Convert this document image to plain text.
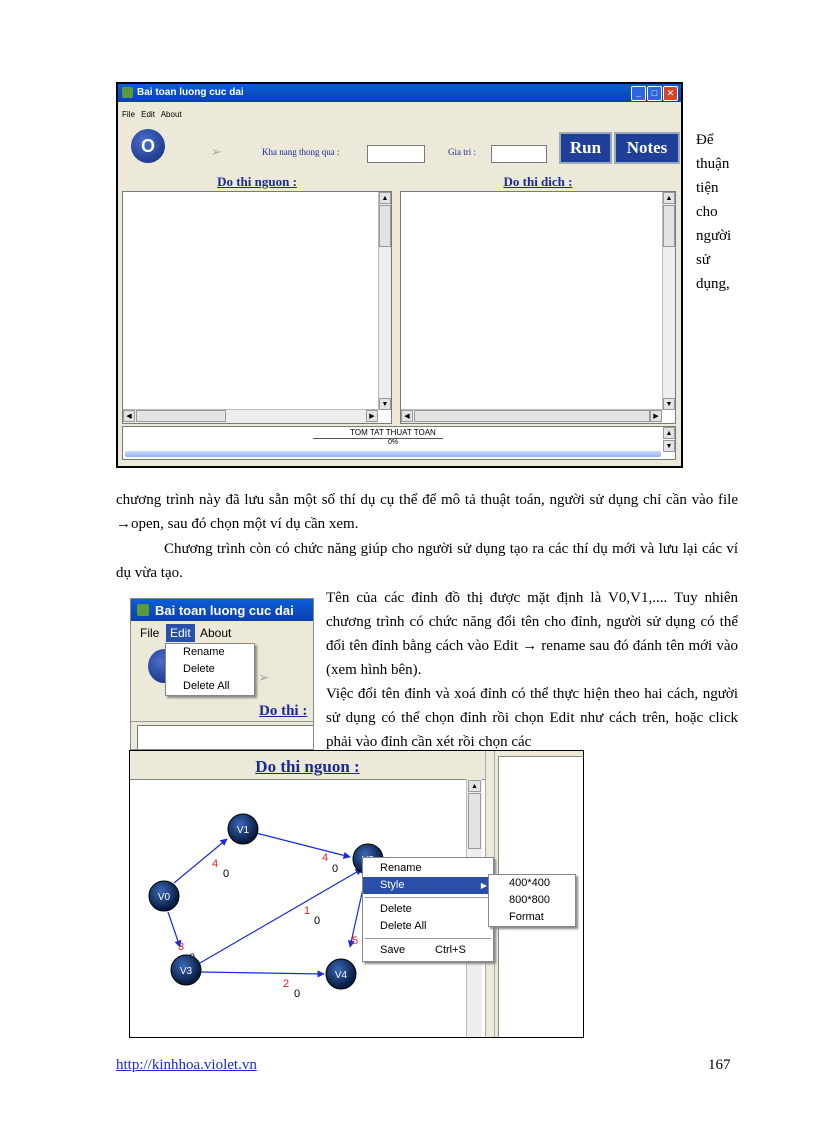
Bai toan luong cuc dai	_	□	✕
File Edit About
O	➢	Kha nang thong qua :	Gia tri :	Run	Notes
Do thi nguon :
▲
▼
◀	▶
Do thi dich :
▲
▼
◀	▶
TOM TAT THUAT TOAN
0%
▲
▼
Để
thuận
tiện
cho
người
sử
dụng,
chương trình này đã lưu sẵn một số thí dụ cụ thể để mô tả thuật toán, người sử dụng chỉ cần vào file →open, sau đó chọn một ví dụ cần xem.
Chương trình còn có chức năng giúp cho người sử dụng tạo ra các thí dụ mới và lưu lại các ví dụ vừa tạo.
Tên của các đỉnh đồ thị được mặt định là V0,V1,.... Tuy nhiên chương trình có chức năng đổi tên cho đỉnh, người sử dụng có thể đổi tên đỉnh bằng cách vào Edit → rename sau đó đánh tên mới vào (xem hình bên).
Việc đổi tên đỉnh và xoá đỉnh có thể thực hiện theo hai cách, người sử dụng có thể chọn đỉnh rồi chọn Edit như cách trên, hoặc click phải vào đỉnh cần xét rồi chọn các
Bai toan luong cuc dai
File Edit About
➢
Rename
Delete
Delete All
Do thi :
Do thi nguon :
▲
4
0
4
0
1
0
3	5
2
0
V0
V1
V3	V4
Rename
Style	▶
Delete
Delete All
Save	Ctrl+S
400*400
800*800
Format
http://kinhhoa.violet.vn	167
